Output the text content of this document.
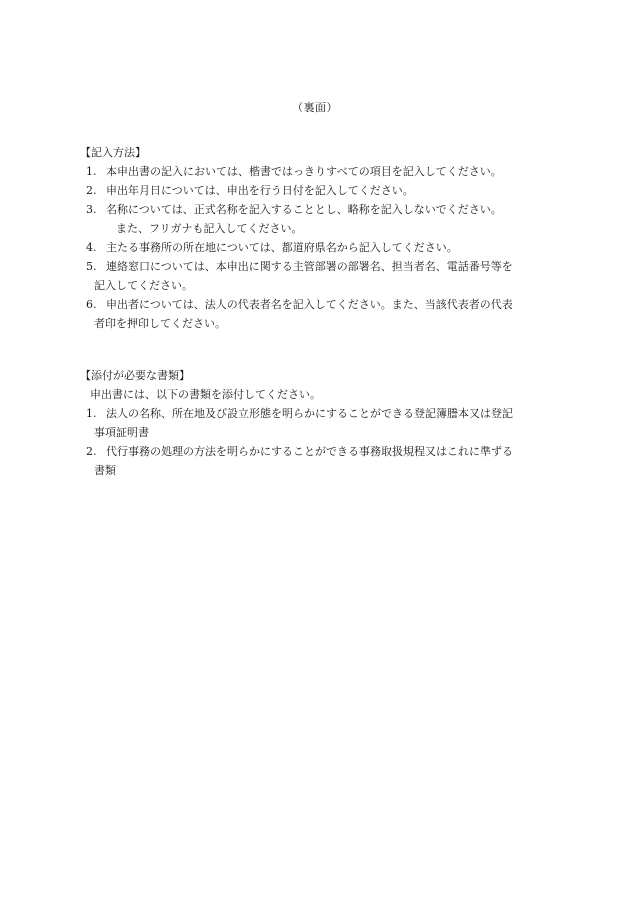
（裏面）
【記入方法】
1. 本申出書の記入においては、楷書ではっきりすべての項目を記入してください。
2. 申出年月日については、申出を行う日付を記入してください。
3. 名称については、正式名称を記入することとし、略称を記入しないでください。
また、フリガナも記入してください。
4. 主たる事務所の所在地については、都道府県名から記入してください。
5. 連絡窓口については、本申出に関する主管部署の部署名、担当者名、電話番号等を
記入してください。
6. 申出者については、法人の代表者名を記入してください。また、当該代表者の代表
者印を押印してください。
【添付が必要な書類】
申出書には、以下の書類を添付してください。
1. 法人の名称、所在地及び設立形態を明らかにすることができる登記簿謄本又は登記
事項証明書
2. 代行事務の処理の方法を明らかにすることができる事務取扱規程又はこれに準ずる
書類
